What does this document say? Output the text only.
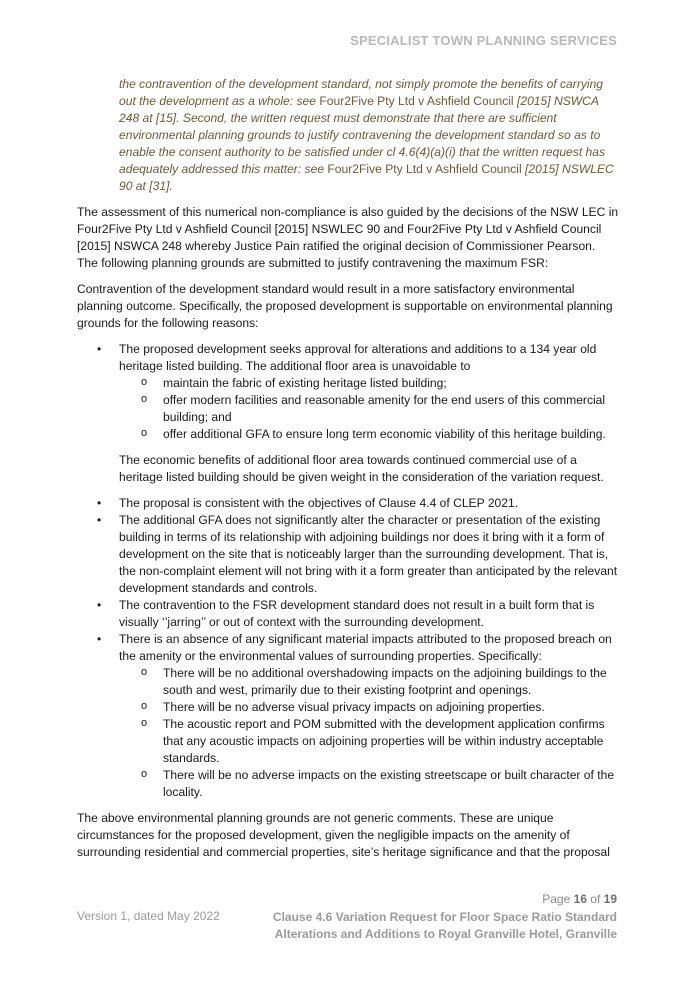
SPECIALIST TOWN PLANNING SERVICES
the contravention of the development standard, not simply promote the benefits of carrying out the development as a whole: see Four2Five Pty Ltd v Ashfield Council [2015] NSWCA 248 at [15]. Second, the written request must demonstrate that there are sufficient environmental planning grounds to justify contravening the development standard so as to enable the consent authority to be satisfied under cl 4.6(4)(a)(i) that the written request has adequately addressed this matter: see Four2Five Pty Ltd v Ashfield Council [2015] NSWLEC 90 at [31].

The assessment of this numerical non-compliance is also guided by the decisions of the NSW LEC in Four2Five Pty Ltd v Ashfield Council [2015] NSWLEC 90 and Four2Five Pty Ltd v Ashfield Council [2015] NSWCA 248 whereby Justice Pain ratified the original decision of Commissioner Pearson. The following planning grounds are submitted to justify contravening the maximum FSR:

Contravention of the development standard would result in a more satisfactory environmental planning outcome. Specifically, the proposed development is supportable on environmental planning grounds for the following reasons:

• The proposed development seeks approval for alterations and additions to a 134 year old heritage listed building. The additional floor area is unavoidable to
o maintain the fabric of existing heritage listed building;
o offer modern facilities and reasonable amenity for the end users of this commercial building; and
o offer additional GFA to ensure long term economic viability of this heritage building.

The economic benefits of additional floor area towards continued commercial use of a heritage listed building should be given weight in the consideration of the variation request.

• The proposal is consistent with the objectives of Clause 4.4 of CLEP 2021.
• The additional GFA does not significantly alter the character or presentation of the existing building in terms of its relationship with adjoining buildings nor does it bring with it a form of development on the site that is noticeably larger than the surrounding development. That is, the non-complaint element will not bring with it a form greater than anticipated by the relevant development standards and controls.
• The contravention to the FSR development standard does not result in a built form that is visually ‘’jarring’’ or out of context with the surrounding development.
• There is an absence of any significant material impacts attributed to the proposed breach on the amenity or the environmental values of surrounding properties. Specifically:
o There will be no additional overshadowing impacts on the adjoining buildings to the south and west, primarily due to their existing footprint and openings.
o There will be no adverse visual privacy impacts on adjoining properties.
o The acoustic report and POM submitted with the development application confirms that any acoustic impacts on adjoining properties will be within industry acceptable standards.
o There will be no adverse impacts on the existing streetscape or built character of the locality.

The above environmental planning grounds are not generic comments. These are unique circumstances for the proposed development, given the negligible impacts on the amenity of surrounding residential and commercial properties, site’s heritage significance and that the proposal

Page 16 of 19
Version 1, dated May 2022	Clause 4.6 Variation Request for Floor Space Ratio Standard
Alterations and Additions to Royal Granville Hotel, Granville
